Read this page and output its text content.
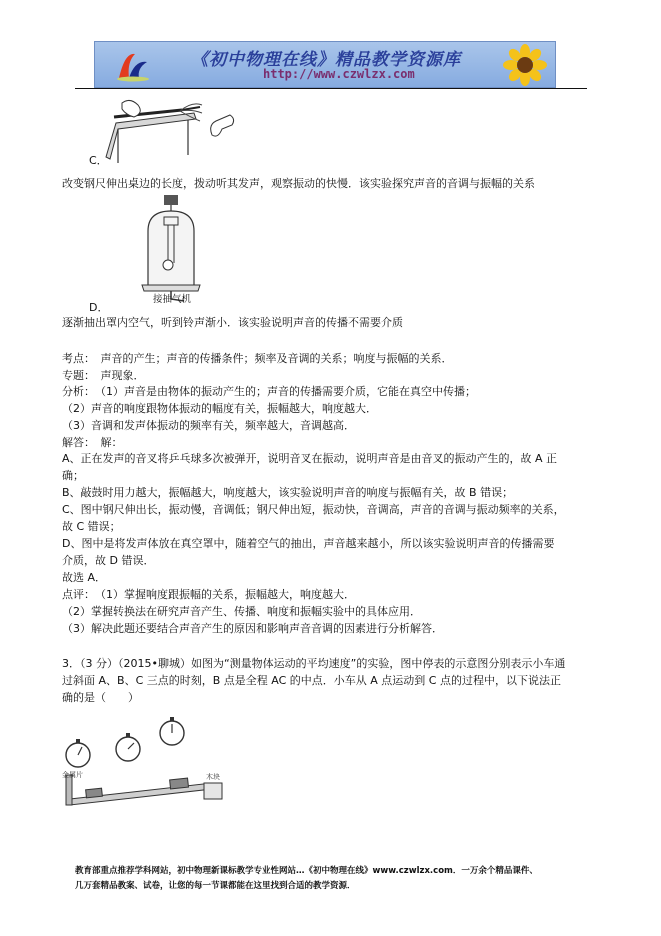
《初中物理在线》精品教学资源库
http://www.czwlzx.com
C．
改变钢尺伸出桌边的长度，拨动听其发声，观察振动的快慢．该实验探究声音的音调与振幅的关系
接抽气机
D．
逐渐抽出罩内空气，听到铃声渐小．该实验说明声音的传播不需要介质
考点：　声音的产生；声音的传播条件；频率及音调的关系；响度与振幅的关系．
专题：　声现象．
分析：　（1）声音是由物体的振动产生的；声音的传播需要介质，它能在真空中传播；
（2）声音的响度跟物体振动的幅度有关，振幅越大，响度越大．
（3）音调和发声体振动的频率有关，频率越大，音调越高．
解答：　解：
A、正在发声的音叉将乒乓球多次被弹开，说明音叉在振动，说明声音是由音叉的振动产生的，故 A 正
确；
B、敲鼓时用力越大，振幅越大，响度越大，该实验说明声音的响度与振幅有关，故 B 错误；
C、图中钢尺伸出长，振动慢，音调低；钢尺伸出短，振动快，音调高，声音的音调与振动频率的关系，
故 C 错误；
D、图中是将发声体放在真空罩中，随着空气的抽出，声音越来越小，所以该实验说明声音的传播需要
介质，故 D 错误．
故选 A．
点评：　（1）掌握响度跟振幅的关系，振幅越大，响度越大．
（2）掌握转换法在研究声音产生、传播、响度和振幅实验中的具体应用．
（3）解决此题还要结合声音产生的原因和影响声音音调的因素进行分析解答．
3．（3 分）（2015•聊城）如图为“测量物体运动的平均速度”的实验，图中停表的示意图分别表示小车通
过斜面 A、B、C 三点的时刻，B 点是全程 AC 的中点．小车从 A 点运动到 C 点的过程中，以下说法正
确的是（　　）
金属片	木块
教育部重点推荐学科网站，初中物理新课标教学专业性网站…《初中物理在线》www.czwlzx.com．一万余个精品课件、
几万套精品教案、试卷，让您的每一节课都能在这里找到合适的教学资源．
